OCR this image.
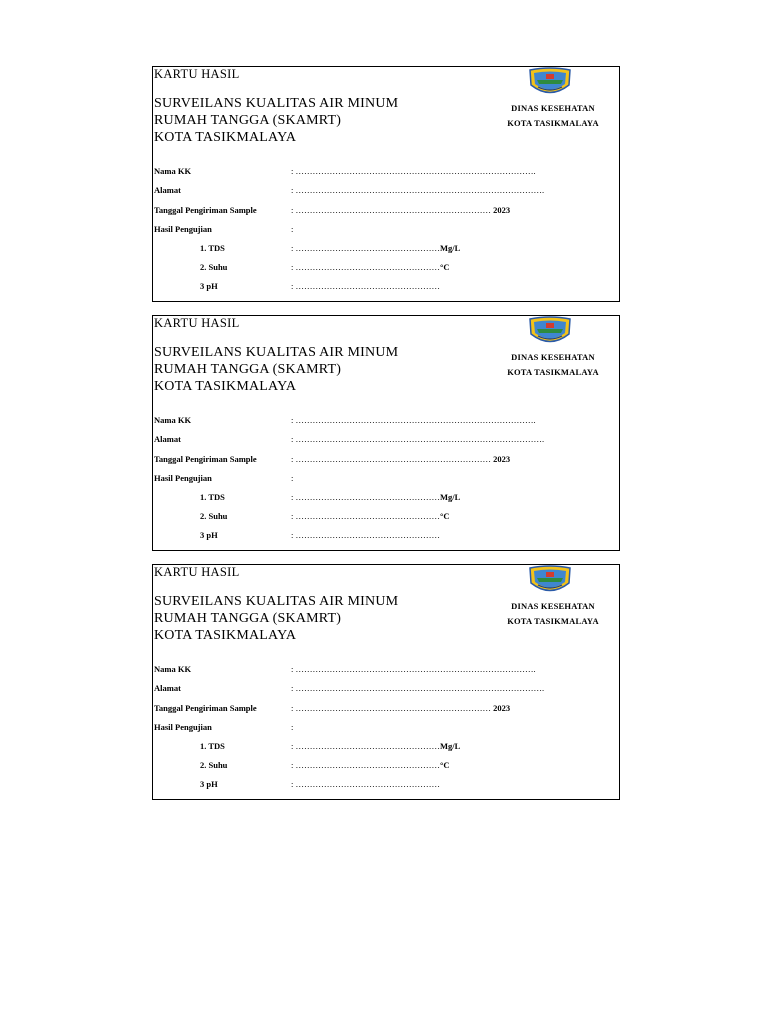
KARTU HASIL
SURVEILANS KUALITAS AIR MINUM
RUMAH TANGGA (SKAMRT)
KOTA TASIKMALAYA
DINAS KESEHATAN
KOTA TASIKMALAYA
Nama KK	: ………………………………………………………………………….
Alamat	: …………………………………………………………………………….
Tanggal Pengiriman Sample	: …………………………………………………………… 2023
Hasil Pengujian	:
1. TDS	: ……………………………………………Mg/L
2. Suhu	: ……………………………………………°C
3 pH	: ……………………………………………
KARTU HASIL
SURVEILANS KUALITAS AIR MINUM
RUMAH TANGGA (SKAMRT)
KOTA TASIKMALAYA
DINAS KESEHATAN
KOTA TASIKMALAYA
Nama KK	: ………………………………………………………………………….
Alamat	: …………………………………………………………………………….
Tanggal Pengiriman Sample	: …………………………………………………………… 2023
Hasil Pengujian	:
1. TDS	: ……………………………………………Mg/L
2. Suhu	: ……………………………………………°C
3 pH	: ……………………………………………
KARTU HASIL
SURVEILANS KUALITAS AIR MINUM
RUMAH TANGGA (SKAMRT)
KOTA TASIKMALAYA
DINAS KESEHATAN
KOTA TASIKMALAYA
Nama KK	: ………………………………………………………………………….
Alamat	: …………………………………………………………………………….
Tanggal Pengiriman Sample	: …………………………………………………………… 2023
Hasil Pengujian	:
1. TDS	: ……………………………………………Mg/L
2. Suhu	: ……………………………………………°C
3 pH	: ……………………………………………
